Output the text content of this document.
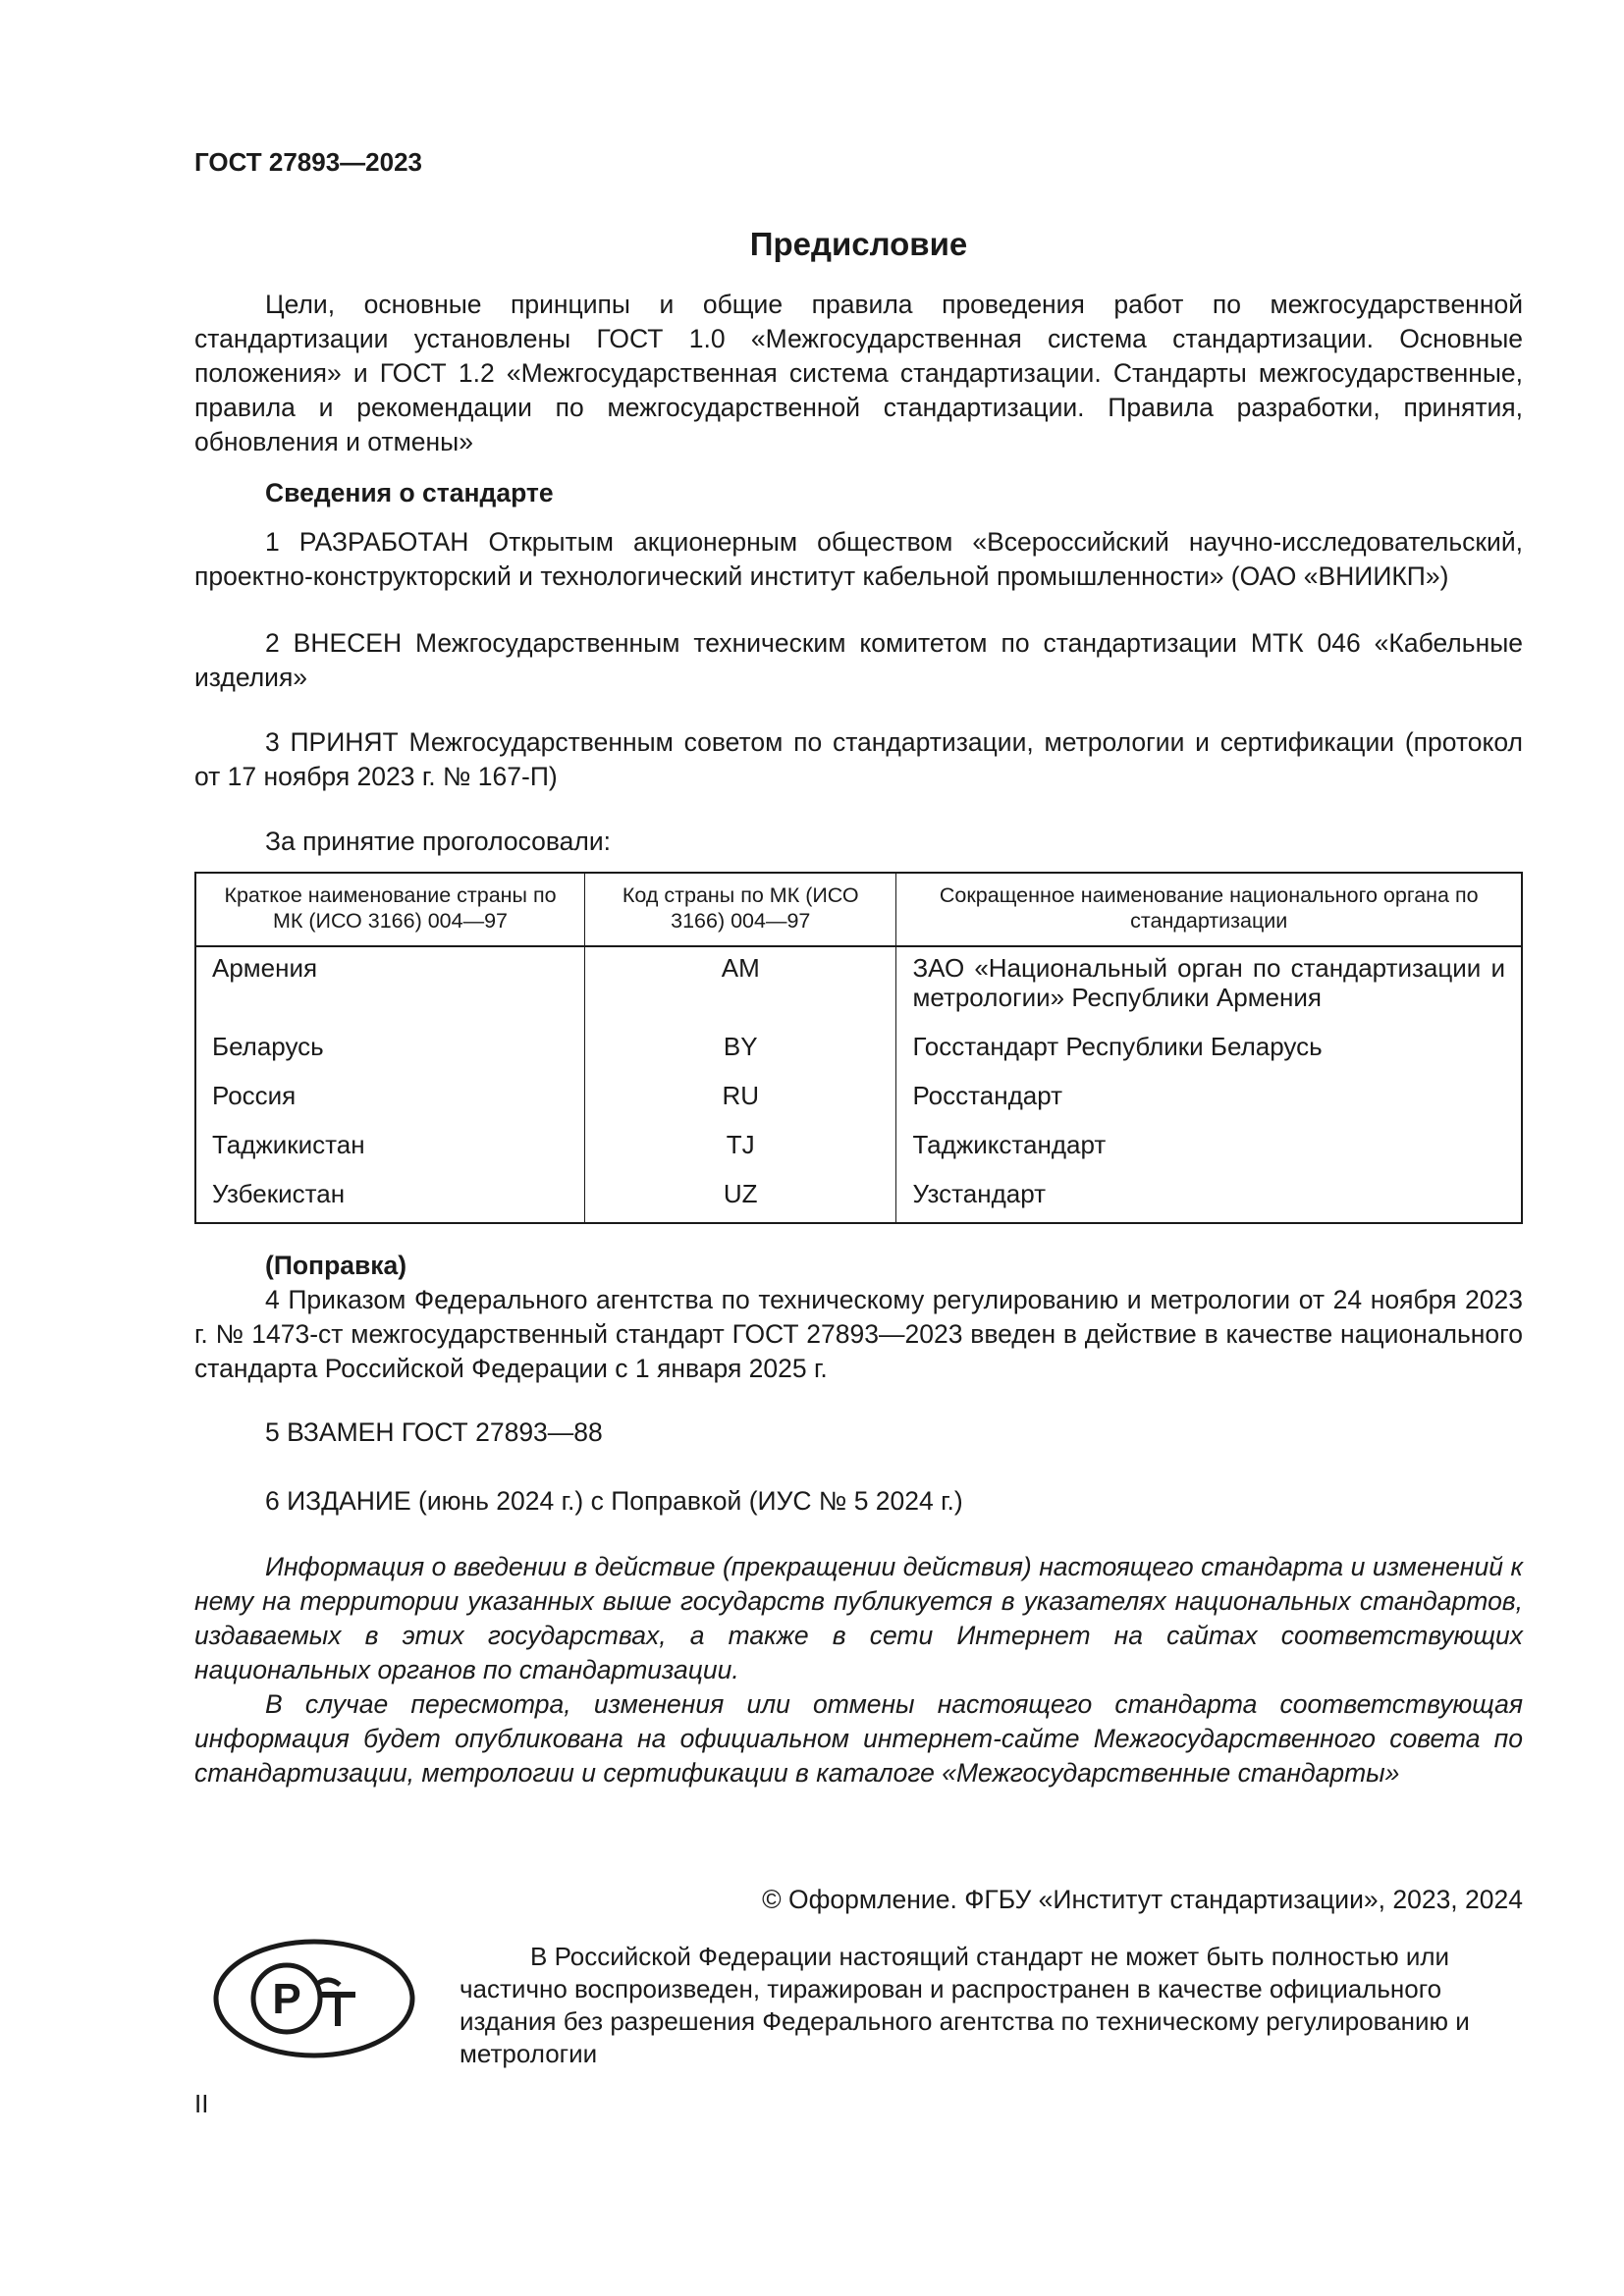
ГОСТ 27893—2023
Предисловие

Цели, основные принципы и общие правила проведения работ по межгосударственной стандартизации установлены ГОСТ 1.0 «Межгосударственная система стандартизации. Основные положения» и ГОСТ 1.2 «Межгосударственная система стандартизации. Стандарты межгосударственные, правила и рекомендации по межгосударственной стандартизации. Правила разработки, принятия, обновления и отмены»

Сведения о стандарте

1 РАЗРАБОТАН Открытым акционерным обществом «Всероссийский научно-исследовательский, проектно-конструкторский и технологический институт кабельной промышленности» (ОАО «ВНИИКП»)

2 ВНЕСЕН Межгосударственным техническим комитетом по стандартизации МТК 046 «Кабельные изделия»

3 ПРИНЯТ Межгосударственным советом по стандартизации, метрологии и сертификации (протокол от 17 ноября 2023 г. № 167-П)

За принятие проголосовали:

Краткое наименование страны по МК (ИСО 3166) 004—97	Код страны по МК (ИСО 3166) 004—97	Сокращенное наименование национального органа по стандартизации
Армения	AM	ЗАО «Национальный орган по стандартизации и метрологии» Республики Армения
Беларусь	BY	Госстандарт Республики Беларусь
Россия	RU	Росстандарт
Таджикистан	TJ	Таджикстандарт
Узбекистан	UZ	Узстандарт

(Поправка)

4 Приказом Федерального агентства по техническому регулированию и метрологии от 24 ноября 2023 г. № 1473-ст межгосударственный стандарт ГОСТ 27893—2023 введен в действие в качестве национального стандарта Российской Федерации с 1 января 2025 г.

5 ВЗАМЕН ГОСТ 27893—88

6 ИЗДАНИЕ (июнь 2024 г.) с Поправкой (ИУС № 5 2024 г.)

Информация о введении в действие (прекращении действия) настоящего стандарта и изменений к нему на территории указанных выше государств публикуется в указателях национальных стандартов, издаваемых в этих государствах, а также в сети Интернет на сайтах соответствующих национальных органов по стандартизации.

В случае пересмотра, изменения или отмены настоящего стандарта соответствующая информация будет опубликована на официальном интернет-сайте Межгосударственного совета по стандартизации, метрологии и сертификации в каталоге «Межгосударственные стандарты»

© Оформление. ФГБУ «Институт стандартизации», 2023, 2024
Р

В Российской Федерации настоящий стандарт не может быть полностью или частично воспроизведен, тиражирован и распространен в качестве официального издания без разрешения Федерального агентства по техническому регулированию и метрологии

II
